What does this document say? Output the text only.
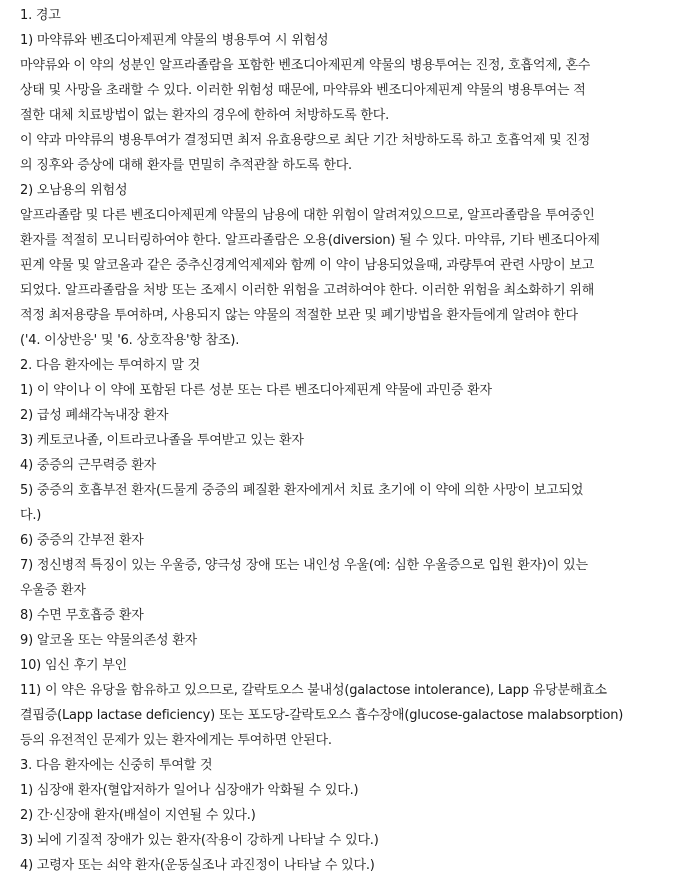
1. 경고
1) 마약류와 벤조디아제핀계 약물의 병용투여 시 위험성
마약류와 이 약의 성분인 알프라졸람을 포함한 벤조디아제핀계 약물의 병용투여는 진정, 호흡억제, 혼수
상태 및 사망을 초래할 수 있다. 이러한 위험성 때문에, 마약류와 벤조디아제핀계 약물의 병용투여는 적
절한 대체 치료방법이 없는 환자의 경우에 한하여 처방하도록 한다.
이 약과 마약류의 병용투여가 결정되면 최저 유효용량으로 최단 기간 처방하도록 하고 호흡억제 및 진정
의 징후와 증상에 대해 환자를 면밀히 추적관찰 하도록 한다.
2) 오남용의 위험성
알프라졸람 및 다른 벤조디아제핀계 약물의 남용에 대한 위험이 알려져있으므로, 알프라졸람을 투여중인
환자를 적절히 모니터링하여야 한다. 알프라졸람은 오용(diversion) 될 수 있다. 마약류, 기타 벤조디아제
핀계 약물 및 알코올과 같은 중추신경계억제제와 함께 이 약이 남용되었을때, 과량투여 관련 사망이 보고
되었다. 알프라졸람을 처방 또는 조제시 이러한 위험을 고려하여야 한다. 이러한 위험을 최소화하기 위해
적정 최저용량을 투여하며, 사용되지 않는 약물의 적절한 보관 및 폐기방법을 환자들에게 알려야 한다
('4. 이상반응' 및 '6. 상호작용'항 참조).
2. 다음 환자에는 투여하지 말 것
1) 이 약이나 이 약에 포함된 다른 성분 또는 다른 벤조디아제핀계 약물에 과민증 환자
2) 급성 폐쇄각녹내장 환자
3) 케토코나졸, 이트라코나졸을 투여받고 있는 환자
4) 중증의 근무력증 환자
5) 중증의 호흡부전 환자(드물게 중증의 폐질환 환자에게서 치료 초기에 이 약에 의한 사망이 보고되었
다.)
6) 중증의 간부전 환자
7) 정신병적 특징이 있는 우울증, 양극성 장애 또는 내인성 우울(예: 심한 우울증으로 입원 환자)이 있는
우울증 환자
8) 수면 무호흡증 환자
9) 알코올 또는 약물의존성 환자
10) 임신 후기 부인
11) 이 약은 유당을 함유하고 있으므로, 갈락토오스 불내성(galactose intolerance), Lapp 유당분해효소
결핍증(Lapp lactase deficiency) 또는 포도당-갈락토오스 흡수장애(glucose-galactose malabsorption)
등의 유전적인 문제가 있는 환자에게는 투여하면 안된다.
3. 다음 환자에는 신중히 투여할 것
1) 심장애 환자(혈압저하가 일어나 심장애가 악화될 수 있다.)
2) 간·신장애 환자(배설이 지연될 수 있다.)
3) 뇌에 기질적 장애가 있는 환자(작용이 강하게 나타날 수 있다.)
4) 고령자 또는 쇠약 환자(운동실조나 과진정이 나타날 수 있다.)
